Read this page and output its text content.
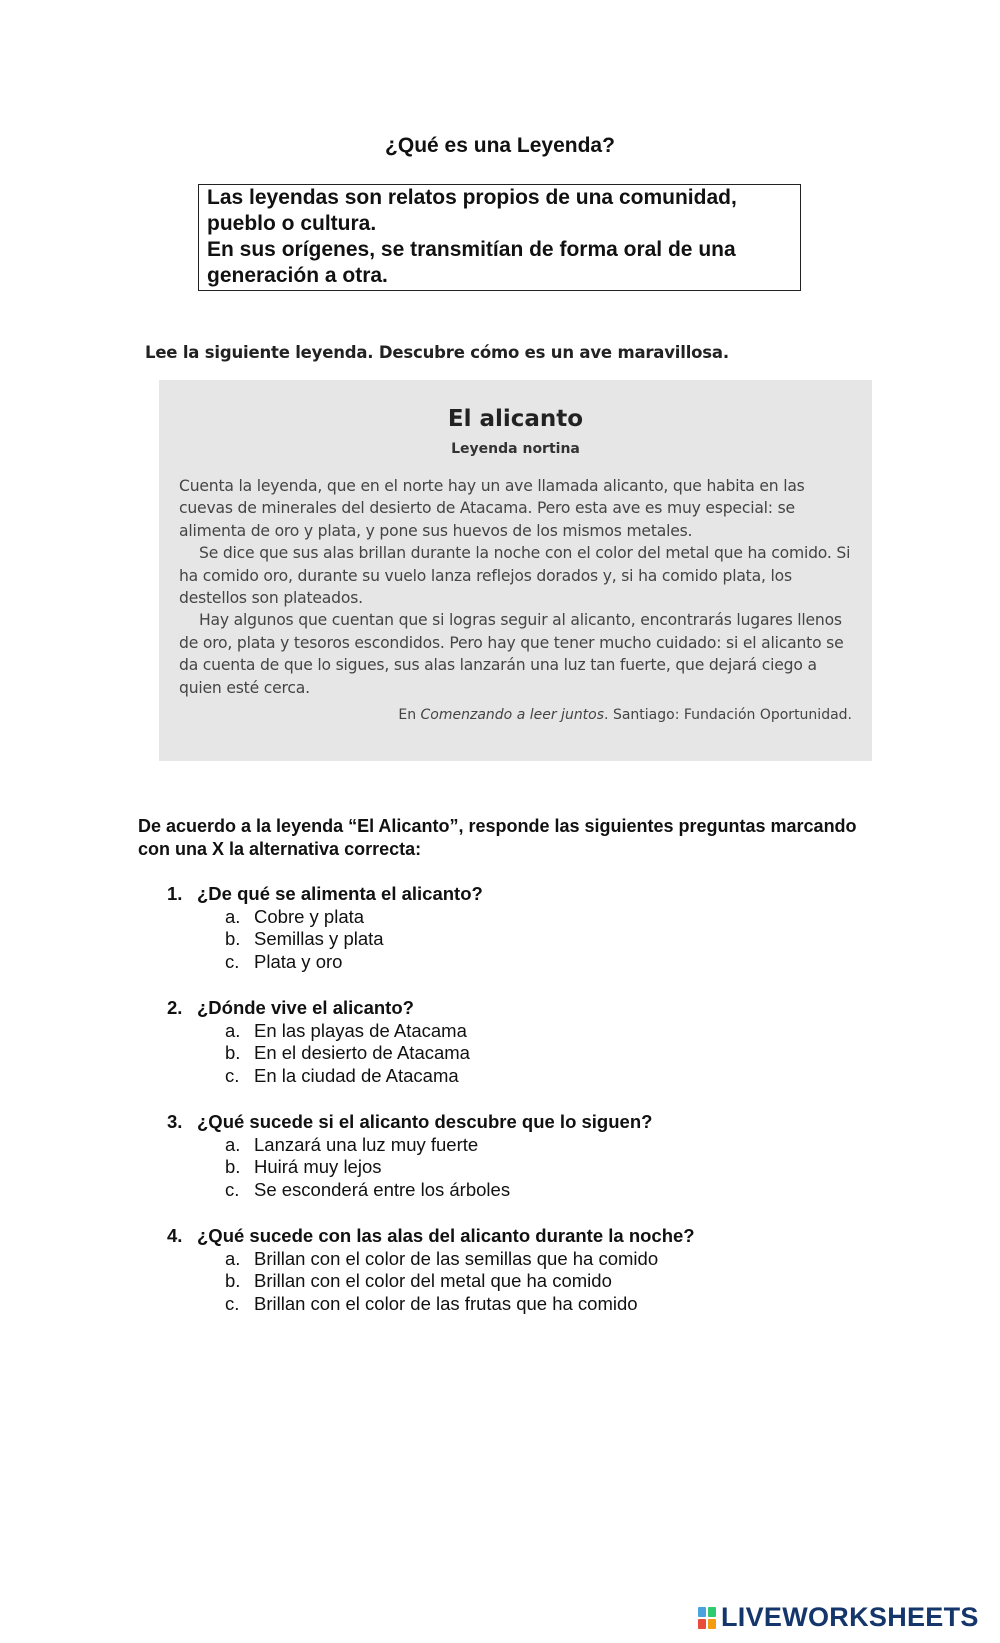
¿Qué es una Leyenda?

Las leyendas son relatos propios de una comunidad, pueblo o cultura.

En sus orígenes, se transmitían de forma oral de una generación a otra.

Lee la siguiente leyenda. Descubre cómo es un ave maravillosa.
El alicanto
Leyenda nortina

Cuenta la leyenda, que en el norte hay un ave llamada alicanto, que habita en las cuevas de minerales del desierto de Atacama. Pero esta ave es muy especial: se alimenta de oro y plata, y pone sus huevos de los mismos metales.

Se dice que sus alas brillan durante la noche con el color del metal que ha comido. Si ha comido oro, durante su vuelo lanza reflejos dorados y, si ha comido plata, los destellos son plateados.

Hay algunos que cuentan que si logras seguir al alicanto, encontrarás lugares llenos de oro, plata y tesoros escondidos. Pero hay que tener mucho cuidado: si el alicanto se da cuenta de que lo sigues, sus alas lanzarán una luz tan fuerte, que dejará ciego a quien esté cerca.

En Comenzando a leer juntos. Santiago: Fundación Oportunidad.
De acuerdo a la leyenda “El Alicanto”, responde las siguientes preguntas marcando con una X la alternativa correcta:
1. ¿De qué se alimenta el alicanto?
a. Cobre y plata
b. Semillas y plata
c. Plata y oro
2. ¿Dónde vive el alicanto?
a. En las playas de Atacama
b. En el desierto de Atacama
c. En la ciudad de Atacama
3. ¿Qué sucede si el alicanto descubre que lo siguen?
a. Lanzará una luz muy fuerte
b. Huirá muy lejos
c. Se esconderá entre los árboles
4. ¿Qué sucede con las alas del alicanto durante la noche?
a. Brillan con el color de las semillas que ha comido
b. Brillan con el color del metal que ha comido
c. Brillan con el color de las frutas que ha comido
LIVEWORKSHEETS
